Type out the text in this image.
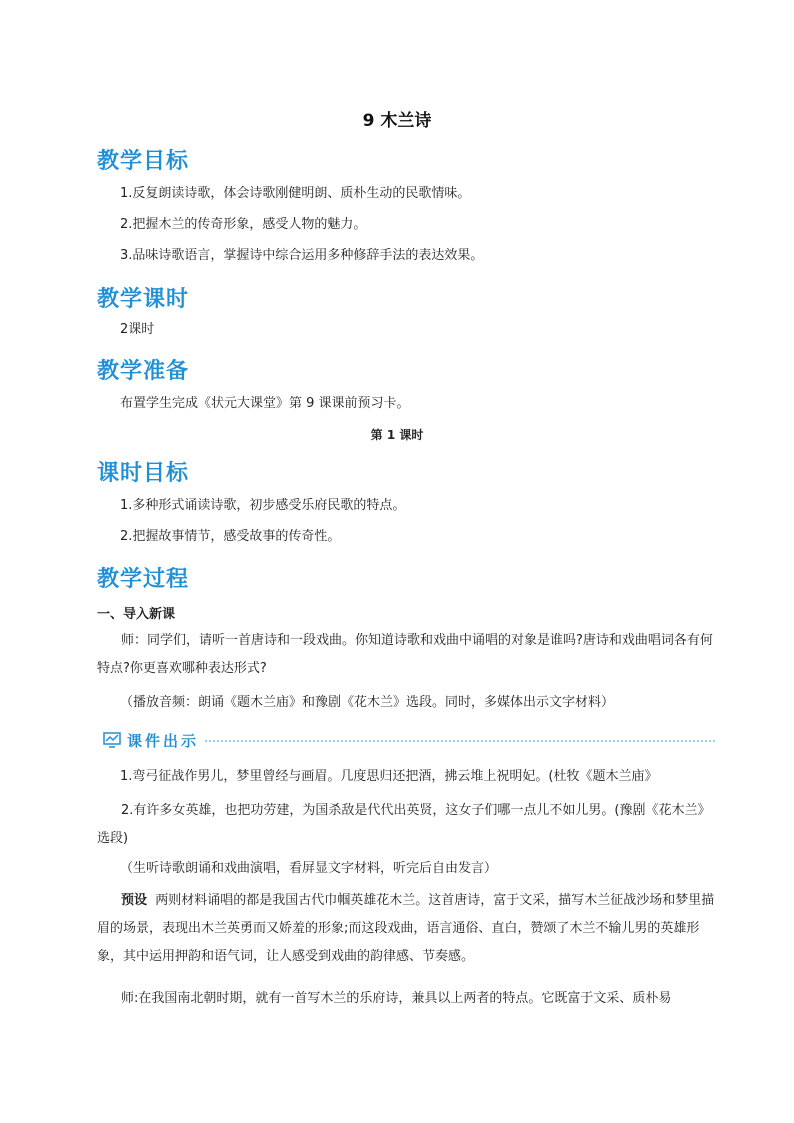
9 木兰诗
教学目标
1.反复朗读诗歌，体会诗歌刚健明朗、质朴生动的民歌情味。
2.把握木兰的传奇形象，感受人物的魅力。
3.品味诗歌语言，掌握诗中综合运用多种修辞手法的表达效果。
教学课时
2课时
教学准备
布置学生完成《状元大课堂》第 9 课课前预习卡。
第 1 课时
课时目标
1.多种形式诵读诗歌，初步感受乐府民歌的特点。
2.把握故事情节，感受故事的传奇性。
教学过程
一、导入新课
师：同学们，请听一首唐诗和一段戏曲。你知道诗歌和戏曲中诵唱的对象是谁吗?唐诗和戏曲唱词各有何特点?你更喜欢哪种表达形式?
（播放音频：朗诵《题木兰庙》和豫剧《花木兰》选段。同时，多媒体出示文字材料）
课件出示
1.弯弓征战作男儿，梦里曾经与画眉。几度思归还把酒，拂云堆上祝明妃。(杜牧《题木兰庙》
2.有许多女英雄，也把功劳建，为国杀敌是代代出英贤，这女子们哪一点儿不如儿男。(豫剧《花木兰》选段)
（生听诗歌朗诵和戏曲演唱，看屏显文字材料，听完后自由发言）
预设 两则材料诵唱的都是我国古代巾帼英雄花木兰。这首唐诗，富于文采，描写木兰征战沙场和梦里描眉的场景，表现出木兰英勇而又娇羞的形象;而这段戏曲，语言通俗、直白，赞颂了木兰不输儿男的英雄形象，其中运用押韵和语气词，让人感受到戏曲的韵律感、节奏感。
师:在我国南北朝时期，就有一首写木兰的乐府诗，兼具以上两者的特点。它既富于文采、质朴易
